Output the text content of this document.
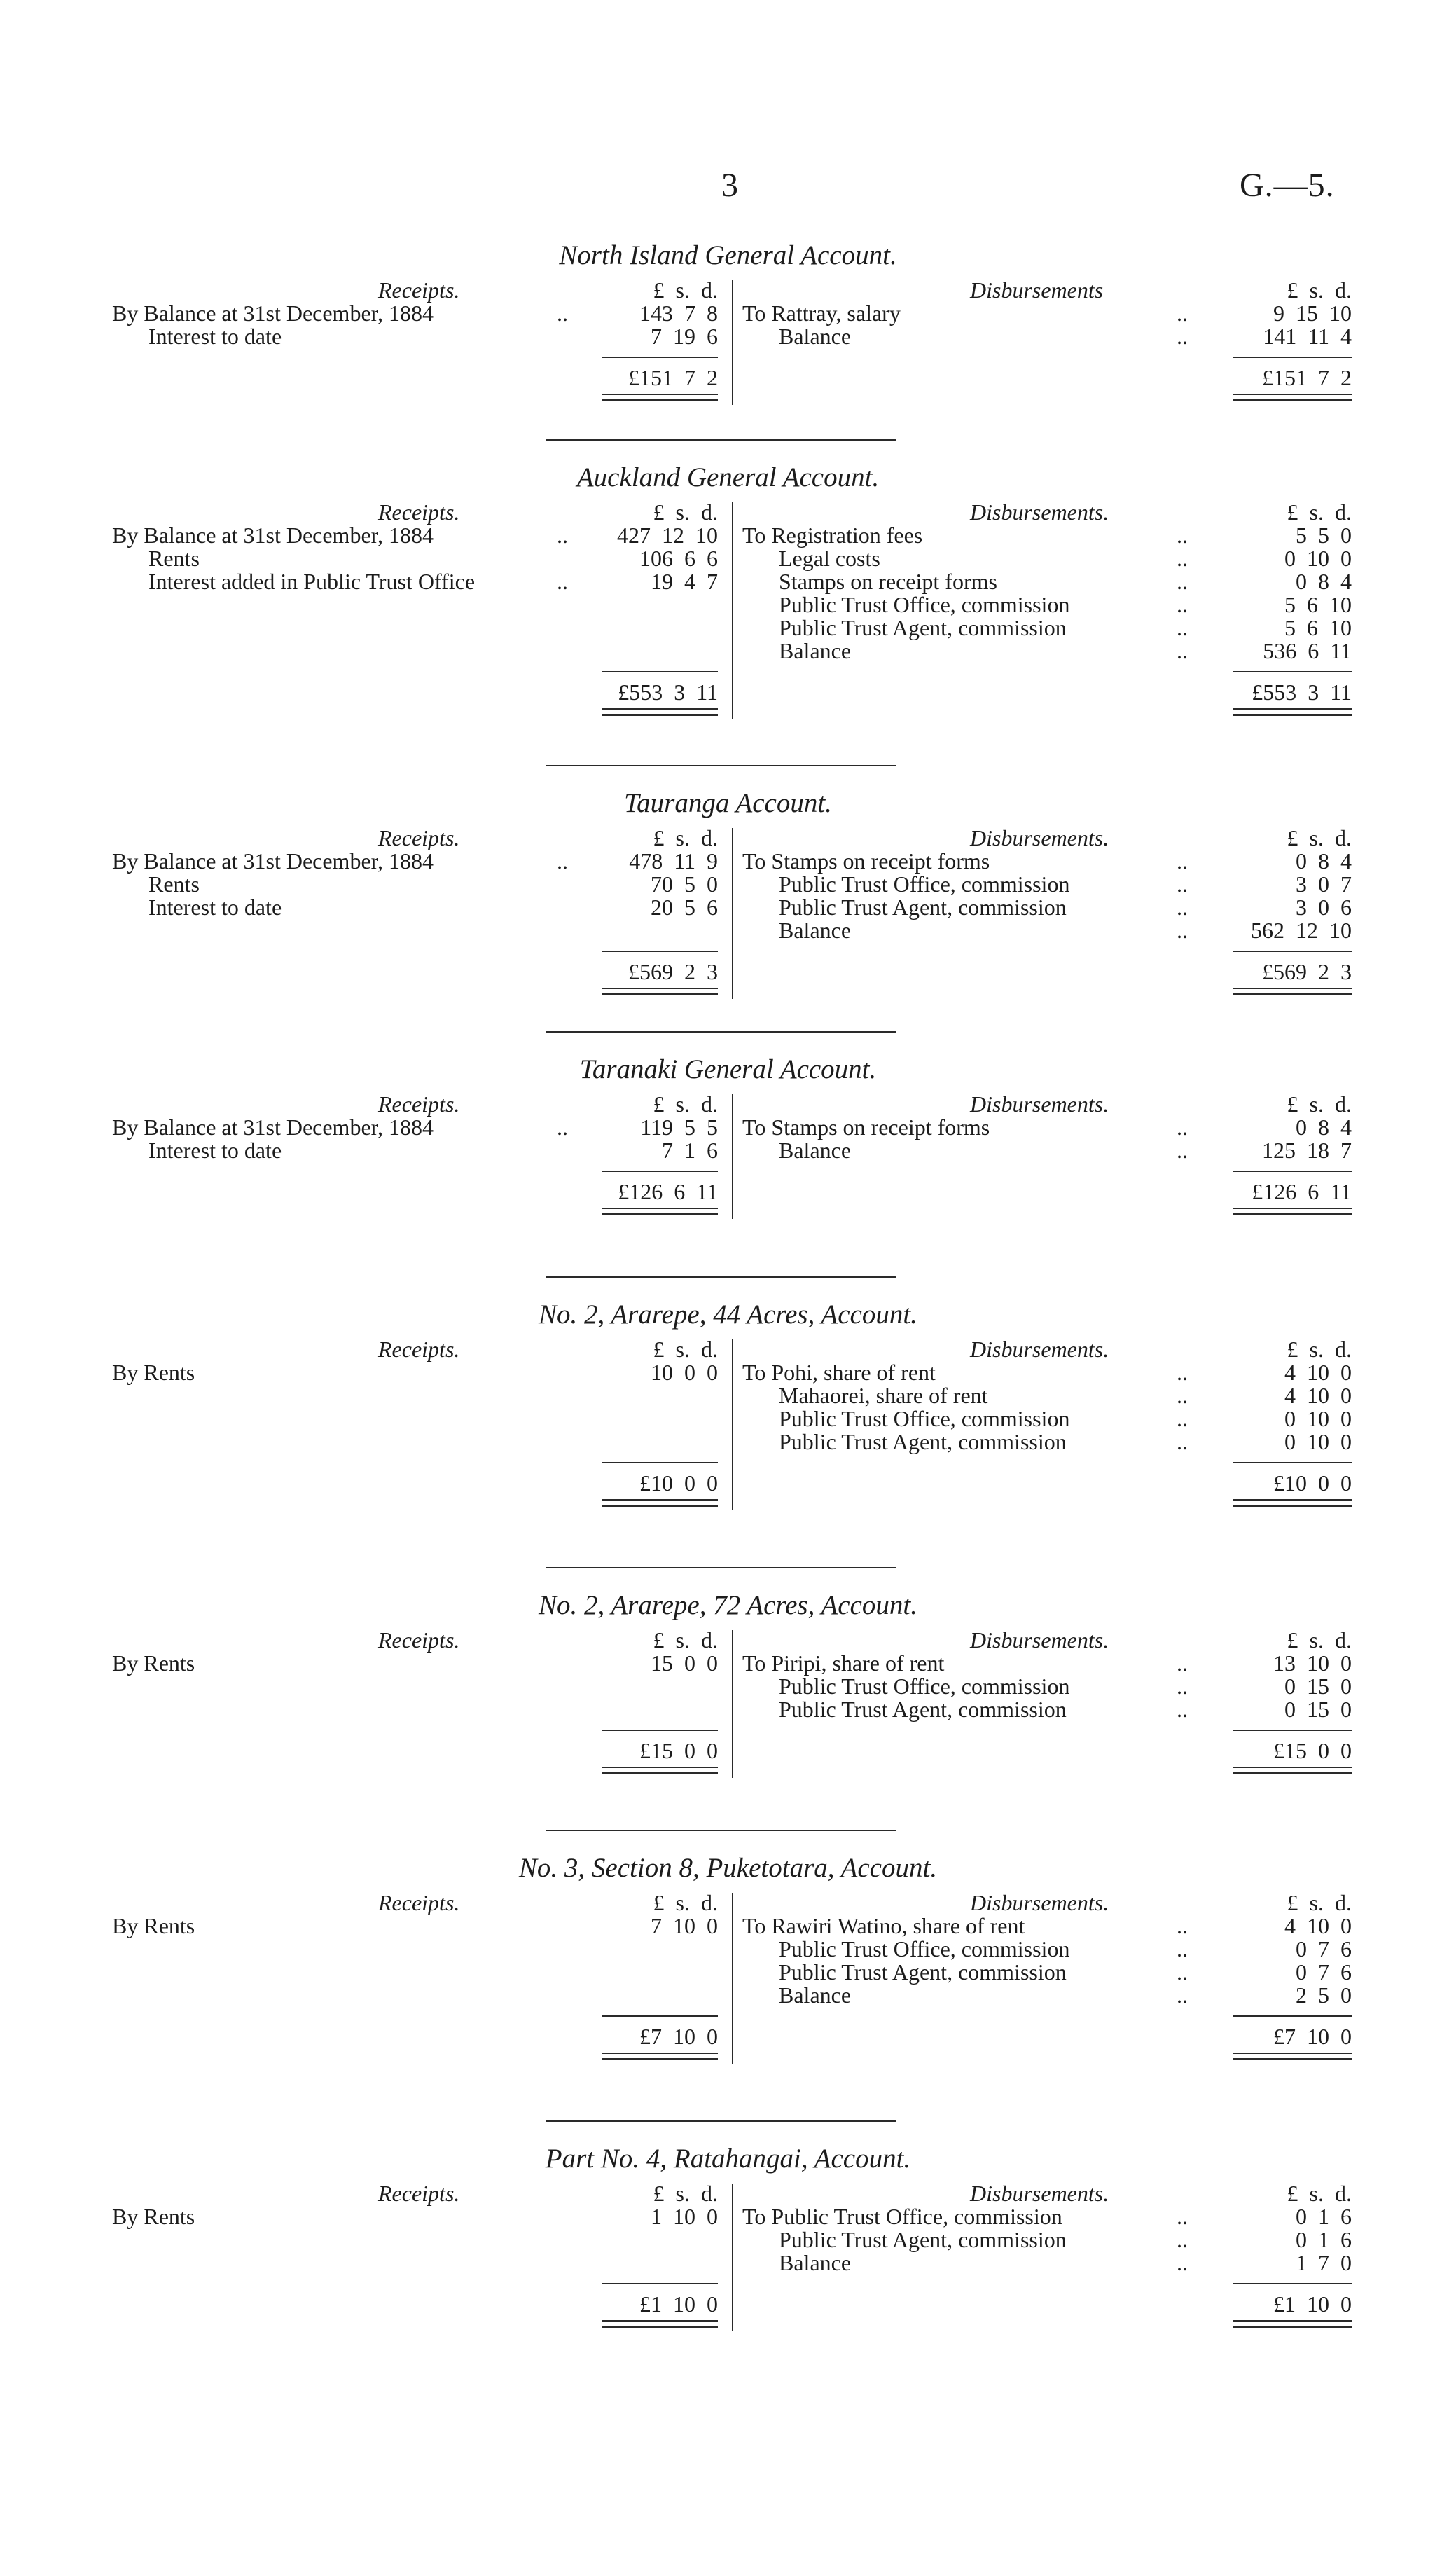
3	G.—5.
North Island General Account.
Receipts.	£ s. d.	Disbursements	£ s. d.
By Balance at 31st December, 1884	..	143 7 8
Interest to date	7 19 6
To Rattray, salary	..	9 15 10
Balance	..	141 11 4
£151 7 2	£151 7 2
Auckland General Account.
Receipts.	£ s. d.	Disbursements.	£ s. d.
By Balance at 31st December, 1884	..	427 12 10
Rents	106 6 6
Interest added in Public Trust Office	..	19 4 7
To Registration fees	..	5 5 0
Legal costs	..	0 10 0
Stamps on receipt forms	..	0 8 4
Public Trust Office, commission	..	5 6 10
Public Trust Agent, commission	..	5 6 10
Balance	..	536 6 11
£553 3 11	£553 3 11
Tauranga Account.
Receipts.	£ s. d.	Disbursements.	£ s. d.
By Balance at 31st December, 1884	..	478 11 9
Rents	70 5 0
Interest to date	20 5 6
To Stamps on receipt forms	..	0 8 4
Public Trust Office, commission	..	3 0 7
Public Trust Agent, commission	..	3 0 6
Balance	..	562 12 10
£569 2 3	£569 2 3
Taranaki General Account.
Receipts.	£ s. d.	Disbursements.	£ s. d.
By Balance at 31st December, 1884	..	119 5 5
Interest to date	7 1 6
To Stamps on receipt forms	..	0 8 4
Balance	..	125 18 7
£126 6 11	£126 6 11
No. 2, Ararepe, 44 Acres, Account.
Receipts.	£ s. d.	Disbursements.	£ s. d.
By Rents	10 0 0 To Pohi, share of rent	..	4 10 0
Mahaorei, share of rent	..	4 10 0
Public Trust Office, commission	..	0 10 0
Public Trust Agent, commission	..	0 10 0
£10 0 0	£10 0 0
No. 2, Ararepe, 72 Acres, Account.
Receipts.	£ s. d.	Disbursements.	£ s. d.
By Rents	15 0 0 To Piripi, share of rent	..	13 10 0
Public Trust Office, commission	..	0 15 0
Public Trust Agent, commission	..	0 15 0
£15 0 0	£15 0 0
No. 3, Section 8, Puketotara, Account.
Receipts.	£ s. d.	Disbursements.	£ s. d.
By Rents	7 10 0 To Rawiri Watino, share of rent	..	4 10 0
Public Trust Office, commission	..	0 7 6
Public Trust Agent, commission	..	0 7 6
Balance	..	2 5 0
£7 10 0	£7 10 0
Part No. 4, Ratahangai, Account.
Receipts.	£ s. d.	Disbursements.	£ s. d.
By Rents	1 10 0 To Public Trust Office, commission	..	0 1 6
Public Trust Agent, commission	..	0 1 6
Balance	..	1 7 0
£1 10 0	£1 10 0
